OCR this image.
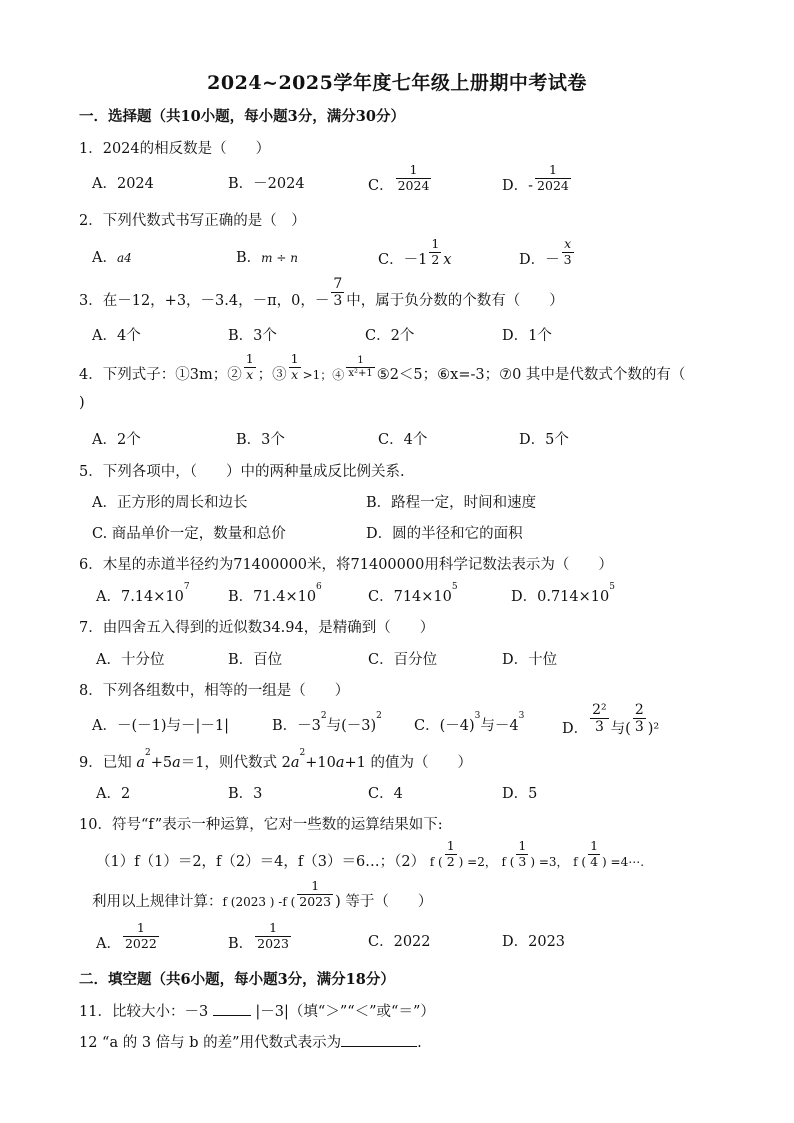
2024~2025学年度七年级上册期中考试卷
一．选择题（共10小题，每小题3分，满分30分）
1．2024的相反数是（　　）
A．2024	B．－2024	C． $\frac{1}{2024}$	D．- $\frac{1}{2024}$
2．下列代数式书写正确的是（　）
A．a4	B．m ÷ n	C．$-1 \frac{1}{2}$ x	D．－ $\frac{x}{3}$
3．在－12，+3，－3.4，－π，0，－ $\frac{7}{3}$ 中，属于负分数的个数有（　　）
A．4个	B．3个	C．2个	D．1个
4．下列式子：①3m；② $\frac{1}{x}$ ；③ $\frac{1}{x} _{>1;④} \frac{1}{\text{x²+1}}$ ⑤2＜5；⑥x=-3；⑦0 其中是代数式个数的有（
)
A．2个	B．3个	C．4个	D．5个
5．下列各项中，（　　）中的两种量成反比例关系.
A．正方形的周长和边长	B．路程一定，时间和速度
C. 商品单价一定，数量和总价	D．圆的半径和它的面积
6．木星的赤道半径约为71400000米，将71400000用科学记数法表示为（　　）
A．$7.14\times 10^7$
B．$71.4\times 10^6$
C．$714\times 10^5$
D．$0.714\times 10^5$
7．由四舍五入得到的近似数34.94，是精确到（　　）
A．十分位	B．百位	C．百分位	D．十位
8．下列各组数中，相等的一组是（　　）
A．－(－1)与－|－1|	B．$-3^2$与$(-3)^2$
C．$(-4)^3$与$-4^3$
D． $\frac{\text{2²}}{3}$ 与( $\frac{2}{3} )^2$
9．已知 $a^2+5a=1$，则代数式 $2a^2+10a+1$ 的值为（　　）
A．2	B．3	C．4	D．5
10．符号“f”表示一种运算，它对一些数的运算结果如下:
（1）f（1）＝2，f（2）＝4，f（3）＝6…；（2） $_{f (} \frac{1}{2} _{) =2,}$ $_{f (} \frac{1}{3} _{) =3,}$ $_{f (} \frac{1}{4} _{) =4\cdots.}$
利用以上规律计算：$_{f (2023 ) -f (} \frac{1}{2023}$ ) 等于（　　）
A． $\frac{1}{2022}$	B． $\frac{1}{2023}$	C．2022	D．2023
二．填空题（共6小题，每小题3分，满分18分）
11．比较大小：－3	|－3|（填“＞”“＜”或“＝”）
12 “a 的 3 倍与 b 的差”用代数式表示为	.
